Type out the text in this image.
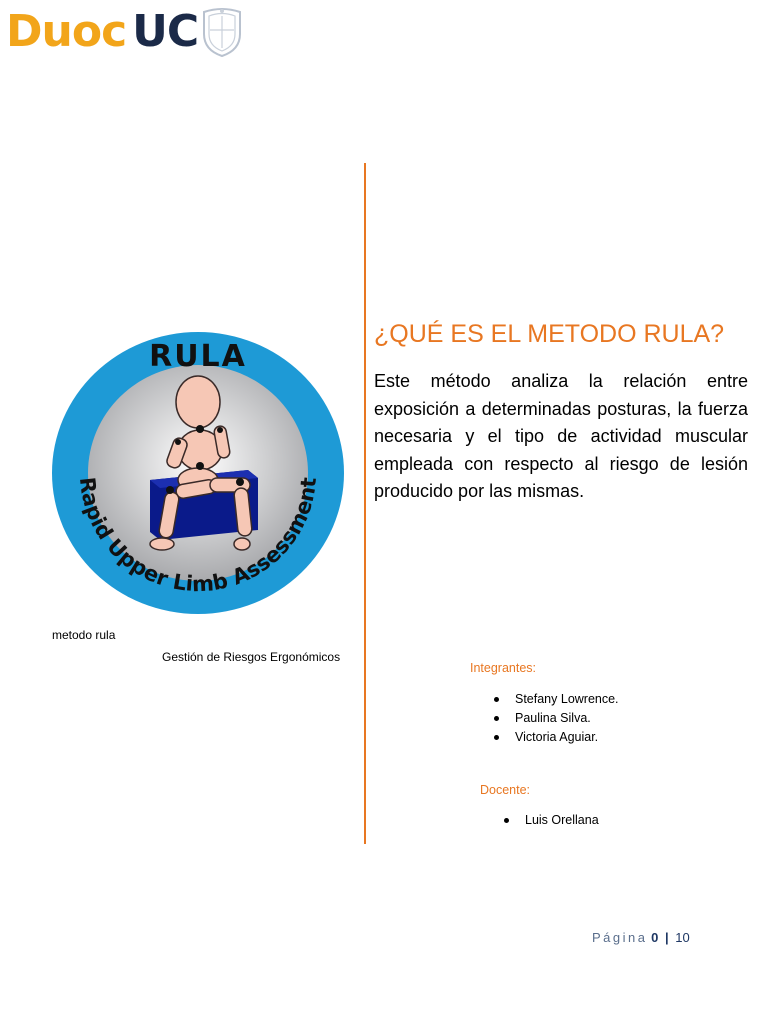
Duoc UC
RULA
Rapid Upper Limb Assessment
metodo rula
Gestión de Riesgos Ergonómicos
¿QUÉ ES EL METODO RULA?
Este método analiza la relación entre exposición a determinadas posturas, la fuerza necesaria y el tipo de actividad muscular empleada con respecto al riesgo de lesión producido por las mismas.
Integrantes:
Stefany Lowrence.
Paulina Silva.
Victoria Aguiar.
Docente:
Luis Orellana
Página 0 | 10
